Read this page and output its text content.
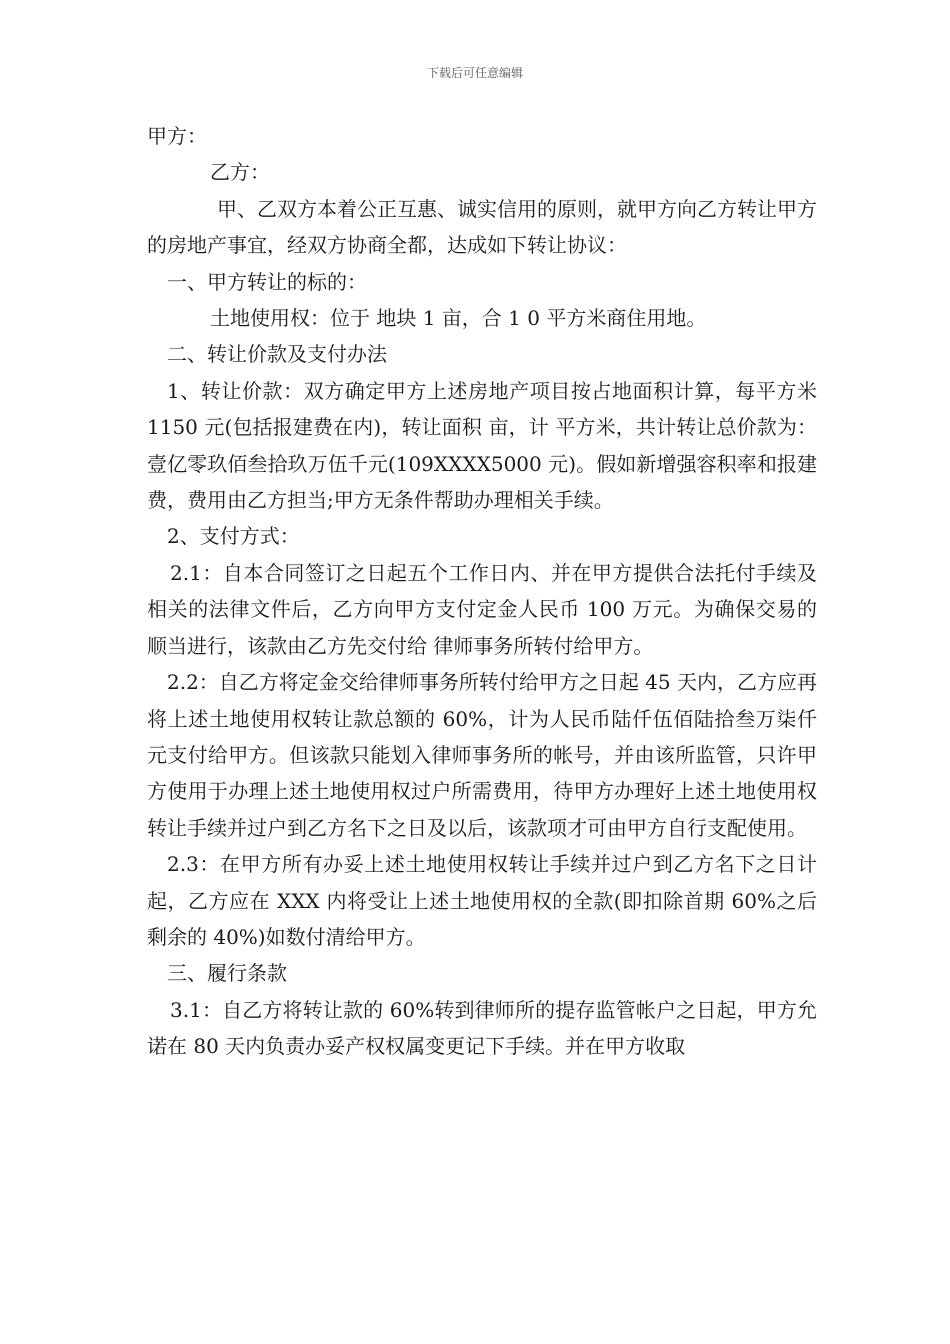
下载后可任意编辑

甲方：

乙方：

甲、乙双方本着公正互惠、诚实信用的原则，就甲方向乙方转让甲方的房地产事宜，经双方协商全都，达成如下转让协议：

一、甲方转让的标的：

土地使用权：位于 地块 1 亩，合 1 0 平方米商住用地。

二、转让价款及支付办法

1、转让价款：双方确定甲方上述房地产项目按占地面积计算，每平方米 1150 元(包括报建费在内)，转让面积 亩，计 平方米，共计转让总价款为：壹亿零玖佰叁拾玖万伍千元(109XXXX5000 元)。假如新增强容积率和报建费，费用由乙方担当;甲方无条件帮助办理相关手续。

2、支付方式：

2.1：自本合同签订之日起五个工作日内、并在甲方提供合法托付手续及相关的法律文件后，乙方向甲方支付定金人民币 100 万元。为确保交易的顺当进行，该款由乙方先交付给 律师事务所转付给甲方。

2.2：自乙方将定金交给律师事务所转付给甲方之日起 45 天内，乙方应再将上述土地使用权转让款总额的 60%，计为人民币陆仟伍佰陆拾叁万柒仟元支付给甲方。但该款只能划入律师事务所的帐号，并由该所监管，只许甲方使用于办理上述土地使用权过户所需费用，待甲方办理好上述土地使用权转让手续并过户到乙方名下之日及以后，该款项才可由甲方自行支配使用。

2.3：在甲方所有办妥上述土地使用权转让手续并过户到乙方名下之日计起，乙方应在 XXX 内将受让上述土地使用权的全款(即扣除首期 60%之后剩余的 40%)如数付清给甲方。

三、履行条款

3.1：自乙方将转让款的 60%转到律师所的提存监管帐户之日起，甲方允诺在 80 天内负责办妥产权权属变更记下手续。并在甲方收取
